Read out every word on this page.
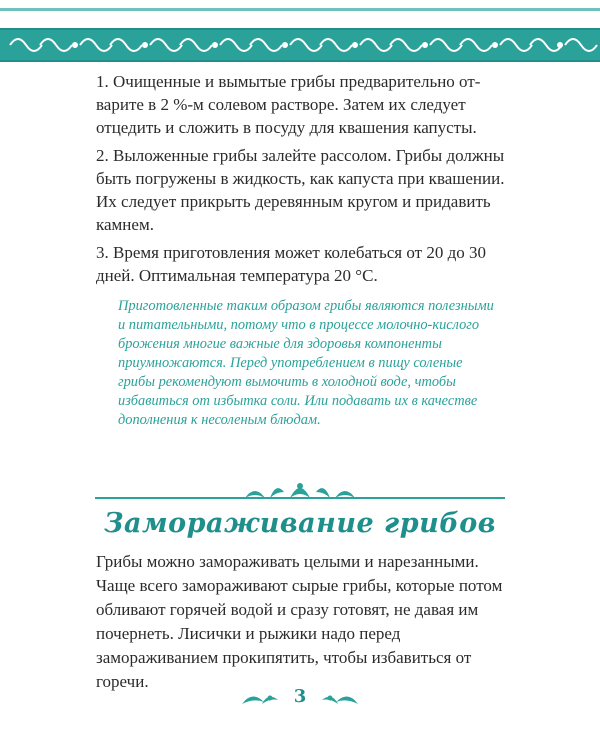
1. Очищенные и вымытые грибы предварительно отварите в 2 %-м солевом растворе. Затем их следует отцедить и сложить в посуду для квашения капусты.

2. Выложенные грибы залейте рассолом. Грибы должны быть погружены в жидкость, как капуста при квашении. Их следует прикрыть деревянным кругом и придавить камнем.

3. Время приготовления может колебаться от 20 до 30 дней. Оптимальная температура 20 °С.

Приготовленные таким образом грибы являются полезными и питательными, потому что в процессе молочно-кислого брожения многие важные для здоровья компоненты приумножаются. Перед употреблением в пищу соленые грибы рекомендуют вымочить в холодной воде, чтобы избавиться от избытка соли. Или подавать их в качестве дополнения к несоленым блюдам.
Замораживание грибов
Грибы можно замораживать целыми и нарезанными. Чаще всего замораживают сырые грибы, которые потом обливают горячей водой и сразу готовят, не давая им почернеть. Лисички и рыжики надо перед замораживанием прокипятить, чтобы избавиться от горечи.
3
